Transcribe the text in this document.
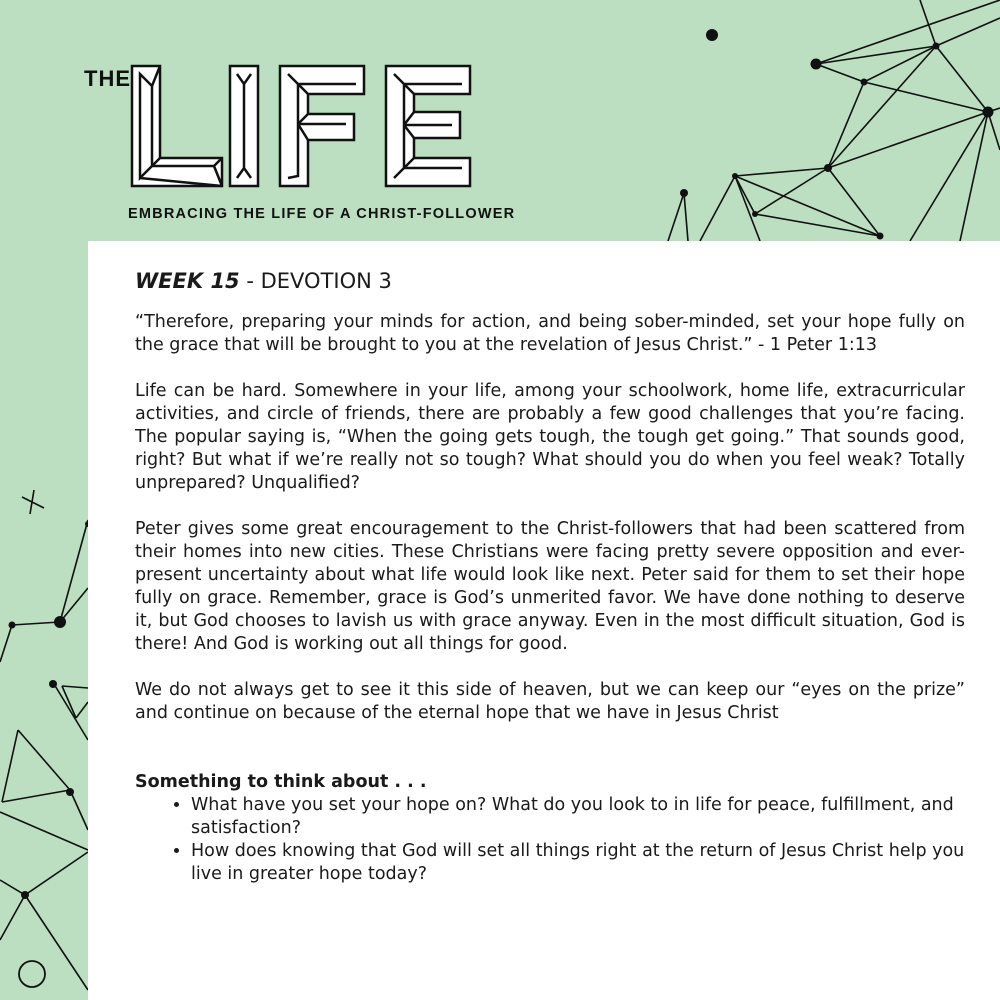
THE
EMBRACING THE LIFE OF A CHRIST-FOLLOWER
WEEK 15 - DEVOTION 3

“Therefore, preparing your minds for action, and being sober-minded, set your hope fully on the grace that will be brought to you at the revelation of Jesus Christ.” - 1 Peter 1:13

Life can be hard. Somewhere in your life, among your schoolwork, home life, extracurricular activities, and circle of friends, there are probably a few good challenges that you’re facing. The popular saying is, “When the going gets tough, the tough get going.” That sounds good, right? But what if we’re really not so tough? What should you do when you feel weak? Totally unprepared? Unqualified?

Peter gives some great encouragement to the Christ-followers that had been scattered from their homes into new cities. These Christians were facing pretty severe opposition and ever-present uncertainty about what life would look like next. Peter said for them to set their hope fully on grace. Remember, grace is God’s unmerited favor. We have done nothing to deserve it, but God chooses to lavish us with grace anyway. Even in the most difficult situation, God is there! And God is working out all things for good.

We do not always get to see it this side of heaven, but we can keep our “eyes on the prize” and continue on because of the eternal hope that we have in Jesus Christ

Something to think about . . .
• What have you set your hope on? What do you look to in life for peace, fulfillment, and satisfaction?
• How does knowing that God will set all things right at the return of Jesus Christ help you live in greater hope today?
